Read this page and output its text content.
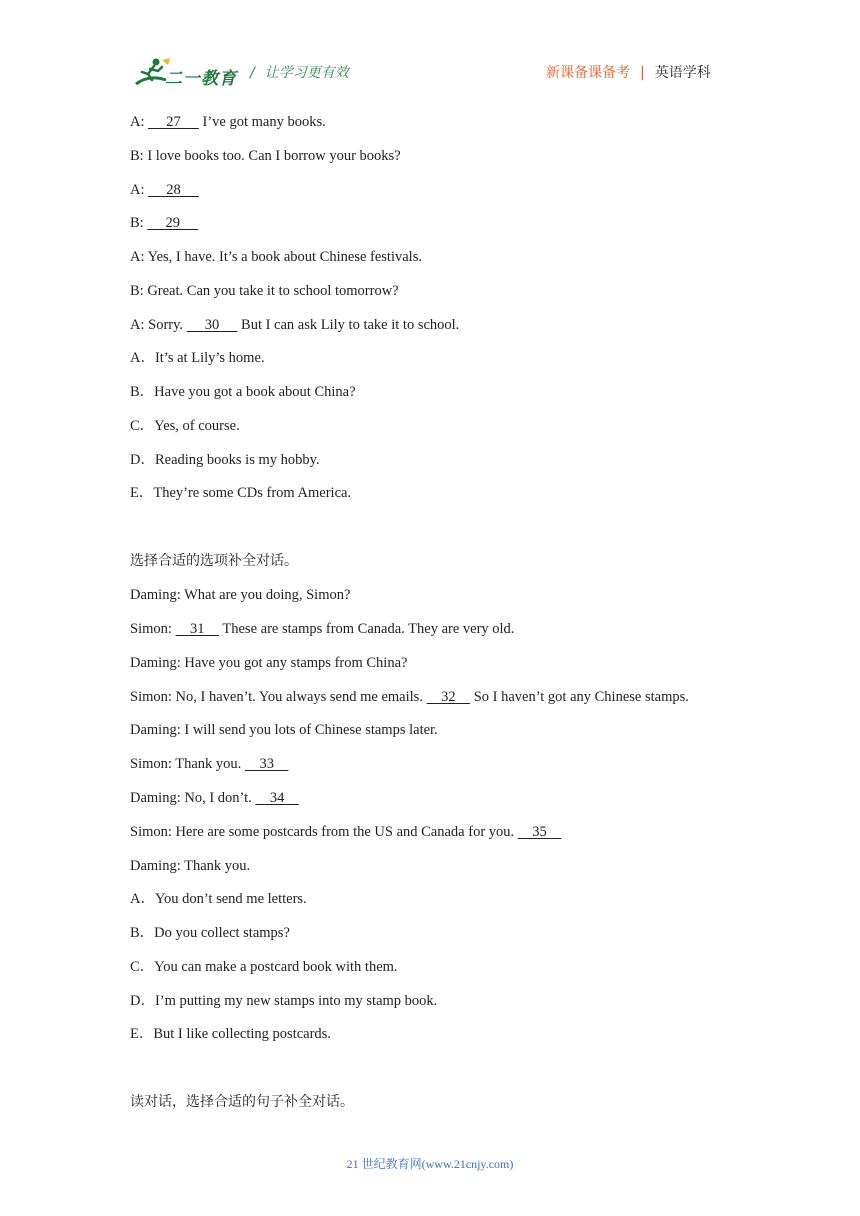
二一教育 / 让学习更有效	新课备课备考 | 英语学科
A:      27      I’ve got many books.
B: I love books too. Can I borrow your books?
A:      28
B:      29
A: Yes, I have. It’s a book about Chinese festivals.
B: Great. Can you take it to school tomorrow?
A: Sorry.      30      But I can ask Lily to take it to school.
A．It’s at Lily’s home.
B．Have you got a book about China?
C．Yes, of course.
D．Reading books is my hobby.
E．They’re some CDs from America.
选择合适的选项补全对话。
Daming: What are you doing, Simon?
Simon:     31     These are stamps from Canada. They are very old.
Daming: Have you got any stamps from China?
Simon: No, I haven’t. You always send me emails.     32     So I haven’t got any Chinese stamps.
Daming: I will send you lots of Chinese stamps later.
Simon: Thank you.     33
Daming: No, I don’t.     34
Simon: Here are some postcards from the US and Canada for you.     35
Daming: Thank you.
A．You don’t send me letters.
B．Do you collect stamps?
C．You can make a postcard book with them.
D．I’m putting my new stamps into my stamp book.
E．But I like collecting postcards.
读对话，选择合适的句子补全对话。
21 世纪教育网(www.21cnjy.com)
